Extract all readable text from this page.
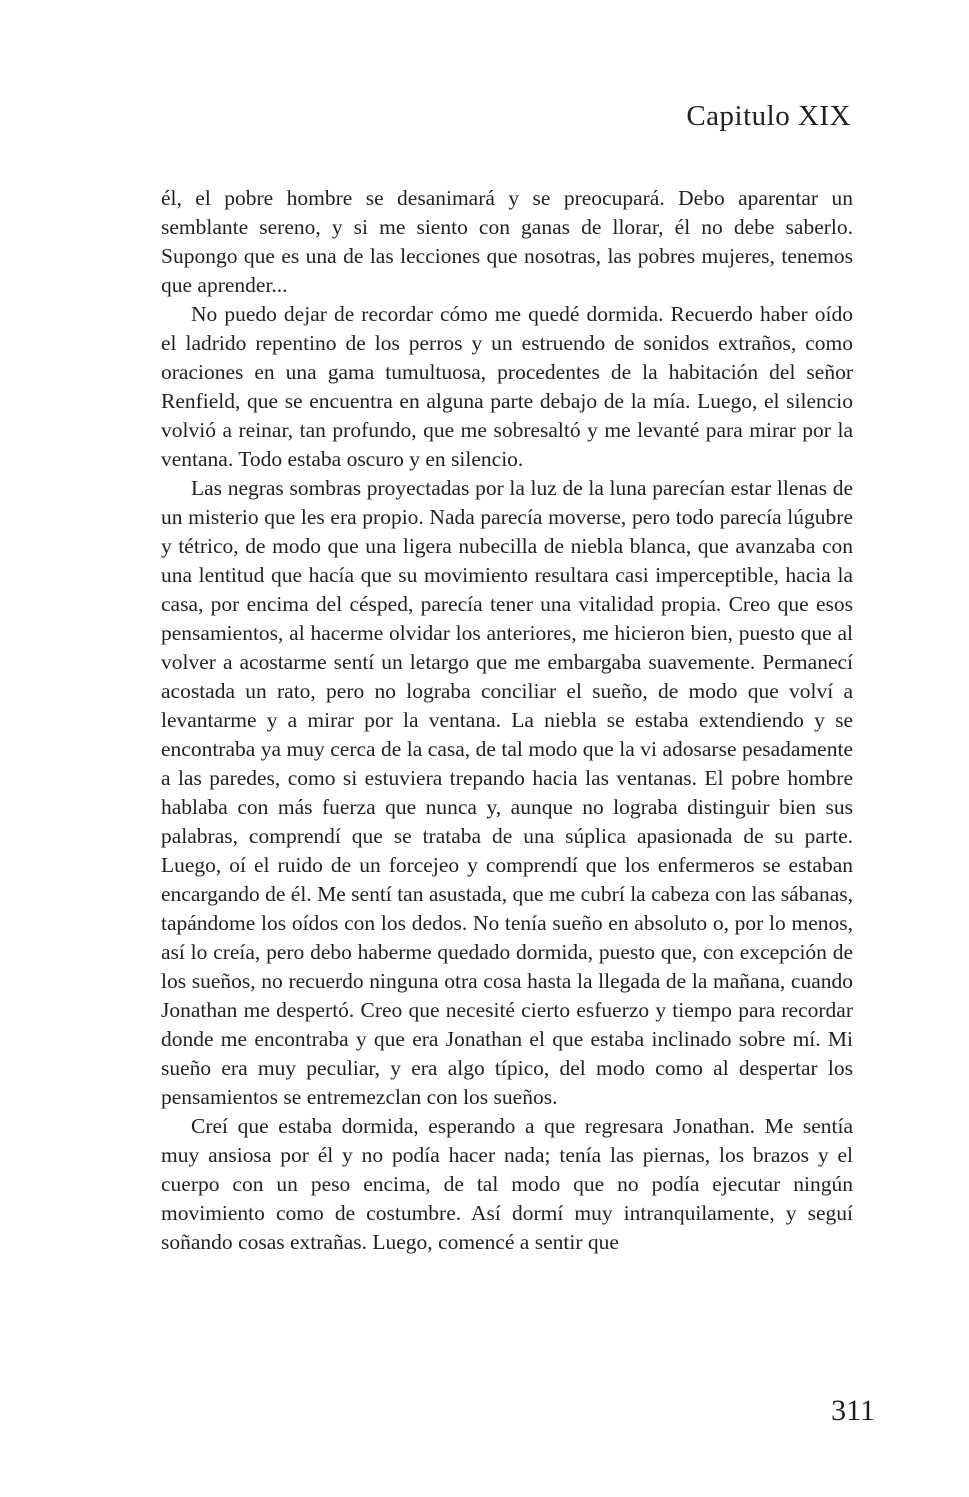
Capitulo XIX

él, el pobre hombre se desanimará y se preocupará. Debo aparentar un semblante sereno, y si me siento con ganas de llorar, él no debe saberlo. Supongo que es una de las lecciones que nosotras, las pobres mujeres, tenemos que aprender...

No puedo dejar de recordar cómo me quedé dormida. Recuerdo haber oído el ladrido repentino de los perros y un estruendo de sonidos extraños, como oraciones en una gama tumultuosa, procedentes de la habitación del señor Renfield, que se encuentra en alguna parte debajo de la mía. Luego, el silencio volvió a reinar, tan profundo, que me sobresaltó y me levanté para mirar por la ventana. Todo estaba oscuro y en silencio.

Las negras sombras proyectadas por la luz de la luna parecían estar llenas de un misterio que les era propio. Nada parecía moverse, pero todo parecía lúgubre y tétrico, de modo que una ligera nubecilla de niebla blanca, que avanzaba con una lentitud que hacía que su movimiento resultara casi imperceptible, hacia la casa, por encima del césped, parecía tener una vitalidad propia. Creo que esos pensamientos, al hacerme olvidar los anteriores, me hicieron bien, puesto que al volver a acostarme sentí un letargo que me embargaba suavemente. Permanecí acostada un rato, pero no lograba conciliar el sueño, de modo que volví a levantarme y a mirar por la ventana. La niebla se estaba extendiendo y se encontraba ya muy cerca de la casa, de tal modo que la vi adosarse pesadamente a las paredes, como si estuviera trepando hacia las ventanas. El pobre hombre hablaba con más fuerza que nunca y, aunque no lograba distinguir bien sus palabras, comprendí que se trataba de una súplica apasionada de su parte. Luego, oí el ruido de un forcejeo y comprendí que los enfermeros se estaban encargando de él. Me sentí tan asustada, que me cubrí la cabeza con las sábanas, tapándome los oídos con los dedos. No tenía sueño en absoluto o, por lo menos, así lo creía, pero debo haberme quedado dormida, puesto que, con excepción de los sueños, no recuerdo ninguna otra cosa hasta la llegada de la mañana, cuando Jonathan me despertó. Creo que necesité cierto esfuerzo y tiempo para recordar donde me encontraba y que era Jonathan el que estaba inclinado sobre mí. Mi sueño era muy peculiar, y era algo típico, del modo como al despertar los pensamientos se entremezclan con los sueños.

Creí que estaba dormida, esperando a que regresara Jonathan. Me sentía muy ansiosa por él y no podía hacer nada; tenía las piernas, los brazos y el cuerpo con un peso encima, de tal modo que no podía ejecutar ningún movimiento como de costumbre. Así dormí muy intranquilamente, y seguí soñando cosas extrañas. Luego, comencé a sentir que

311
